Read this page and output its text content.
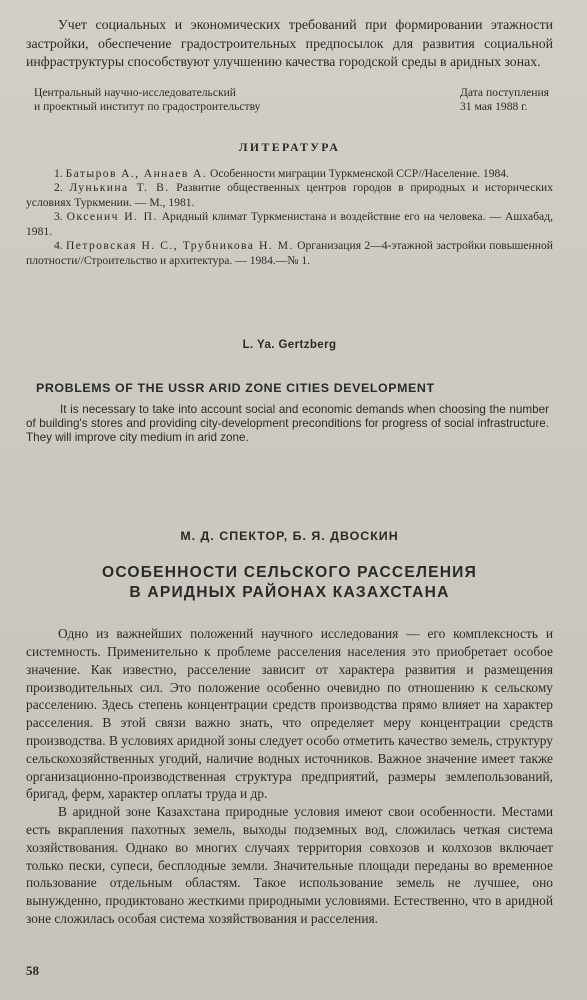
Учет социальных и экономических требований при формировании этажности застройки, обеспечение градостроительных предпосылок для развития социальной инфраструктуры способствуют улучшению качества городской среды в аридных зонах.

Центральный научно-исследовательский
и проектный институт по градостроительству
Дата поступления
31 мая 1988 г.
ЛИТЕРАТУРА
1. Батыров А., Аннаев А. Особенности миграции Туркменской ССР//Население. 1984.
2. Лунькина Т. В. Развитие общественных центров городов в природных и исторических условиях Туркмении. — М., 1981.
3. Оксенич И. П. Аридный климат Туркменистана и воздействие его на человека. — Ашхабад, 1981.
4. Петровская Н. С., Трубникова Н. М. Организация 2—4-этажной застройки повышенной плотности//Строительство и архитектура. — 1984.—№ 1.
L. Ya. Gertzberg
PROBLEMS OF THE USSR ARID ZONE CITIES DEVELOPMENT

It is necessary to take into account social and economic demands when choosing the number of building's stores and providing city-development preconditions for progress of social infrastructure. They will improve city medium in arid zone.

М. Д. СПЕКТОР, Б. Я. ДВОСКИН
ОСОБЕННОСТИ СЕЛЬСКОГО РАССЕЛЕНИЯ
В АРИДНЫХ РАЙОНАХ КАЗАХСТАНА

Одно из важнейших положений научного исследования — его комплексность и системность. Применительно к проблеме расселения населения это приобретает особое значение. Как известно, расселение зависит от характера развития и размещения производительных сил. Это положение особенно очевидно по отношению к сельскому расселению. Здесь степень концентрации средств производства прямо влияет на характер расселения. В этой связи важно знать, что определяет меру концентрации средств производства. В условиях аридной зоны следует особо отметить качество земель, структуру сельскохозяйственных угодий, наличие водных источников. Важное значение имеет также организационно-производственная структура предприятий, размеры землепользований, бригад, ферм, характер оплаты труда и др.

В аридной зоне Казахстана природные условия имеют свои особенности. Местами есть вкрапления пахотных земель, выходы подземных вод, сложилась четкая система хозяйствования. Однако во многих случаях территория совхозов и колхозов включает только пески, супеси, бесплодные земли. Значительные площади переданы во временное пользование отдельным областям. Такое использование земель не лучшее, оно вынужденно, продиктовано жесткими природными условиями. Естественно, что в аридной зоне сложилась особая система хозяйствования и расселения.

58
